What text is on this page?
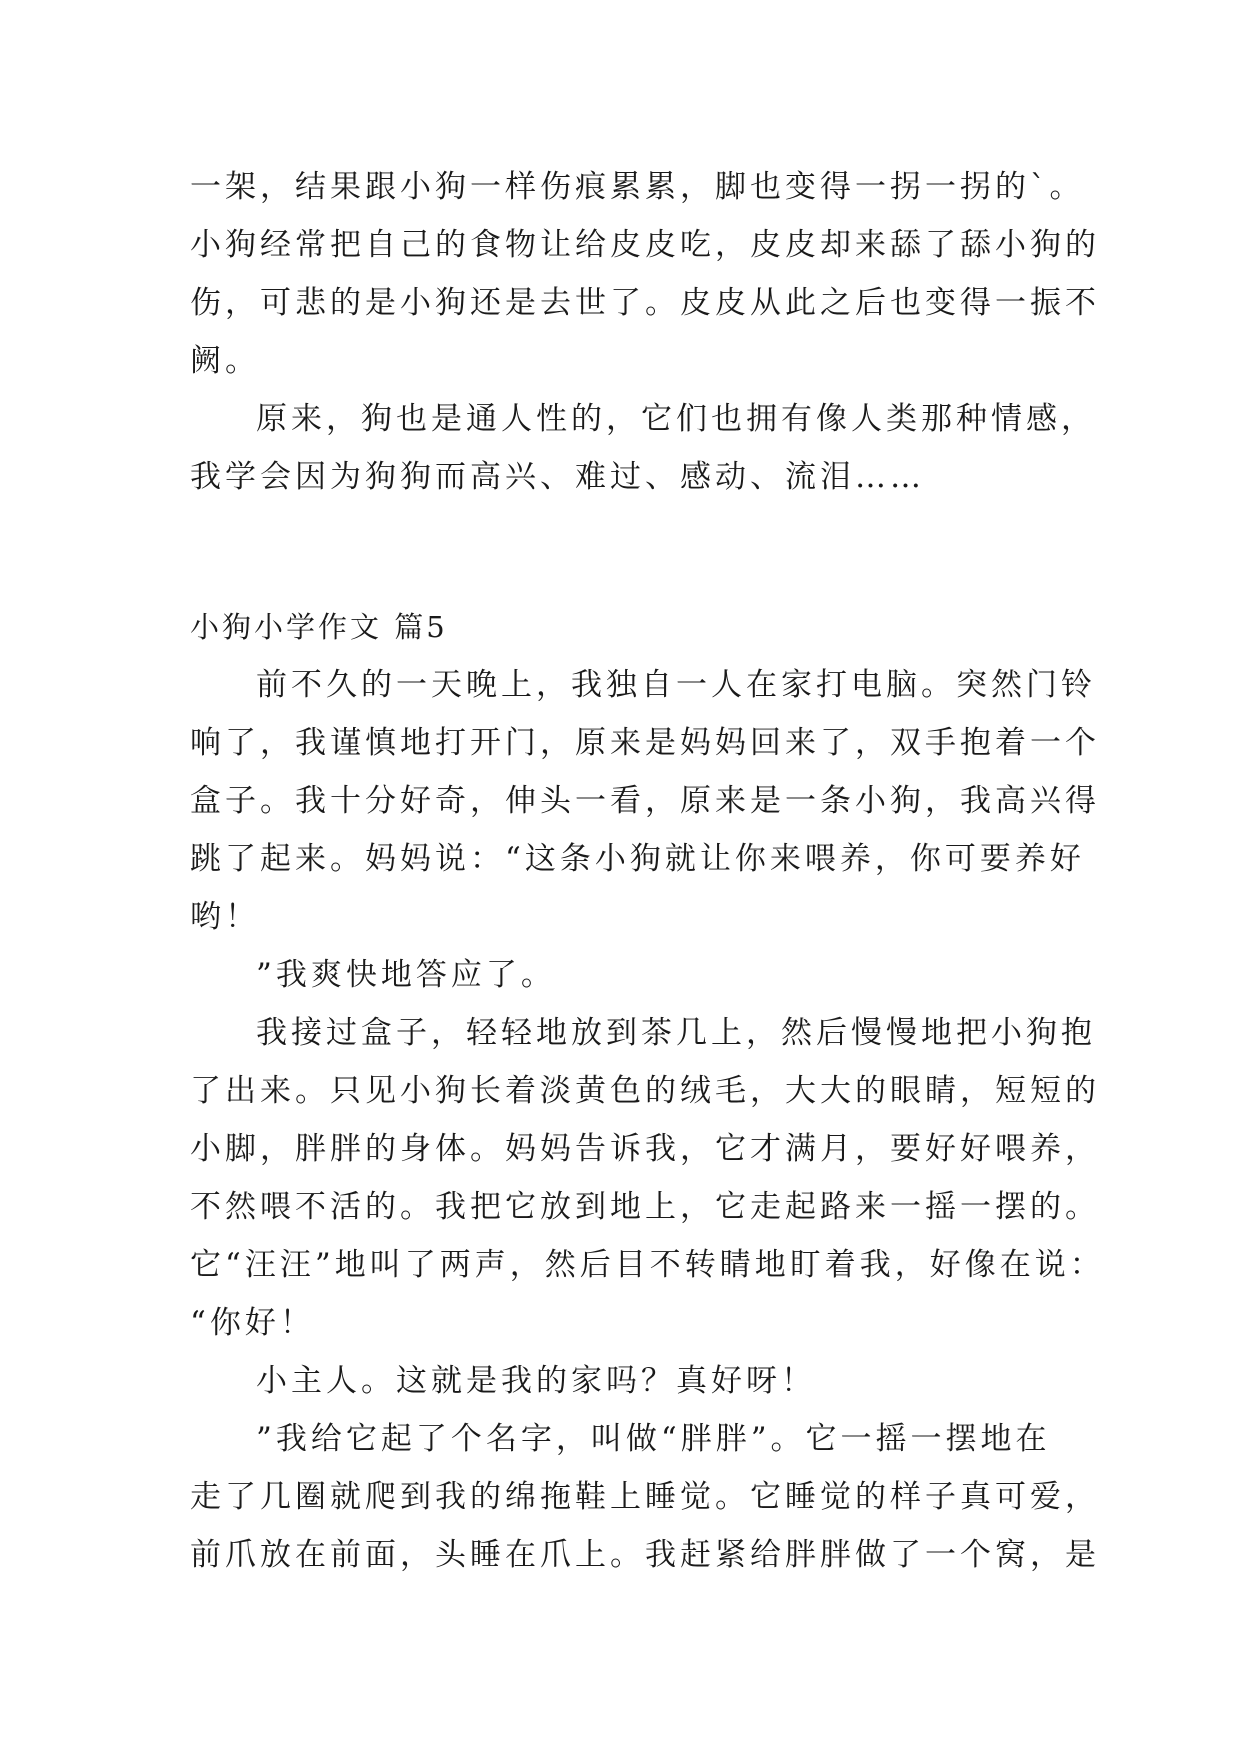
一架，结果跟小狗一样伤痕累累，脚也变得一拐一拐的`。
小狗经常把自己的食物让给皮皮吃，皮皮却来舔了舔小狗的
伤，可悲的是小狗还是去世了。皮皮从此之后也变得一振不
阙。
原来，狗也是通人性的，它们也拥有像人类那种情感，
我学会因为狗狗而高兴、难过、感动、流泪……
小狗小学作文 篇5
前不久的一天晚上，我独自一人在家打电脑。突然门铃
响了，我谨慎地打开门，原来是妈妈回来了，双手抱着一个
盒子。我十分好奇，伸头一看，原来是一条小狗，我高兴得
跳了起来。妈妈说：“这条小狗就让你来喂养，你可要养好
哟！
”我爽快地答应了。
我接过盒子，轻轻地放到茶几上，然后慢慢地把小狗抱
了出来。只见小狗长着淡黄色的绒毛，大大的眼睛，短短的
小脚，胖胖的身体。妈妈告诉我，它才满月，要好好喂养，
不然喂不活的。我把它放到地上，它走起路来一摇一摆的。
它“汪汪”地叫了两声，然后目不转睛地盯着我，好像在说：
“你好！
小主人。这就是我的家吗？真好呀！
”我给它起了个名字，叫做“胖胖”。它一摇一摆地在
走了几圈就爬到我的绵拖鞋上睡觉。它睡觉的样子真可爱，
前爪放在前面，头睡在爪上。我赶紧给胖胖做了一个窝，是
